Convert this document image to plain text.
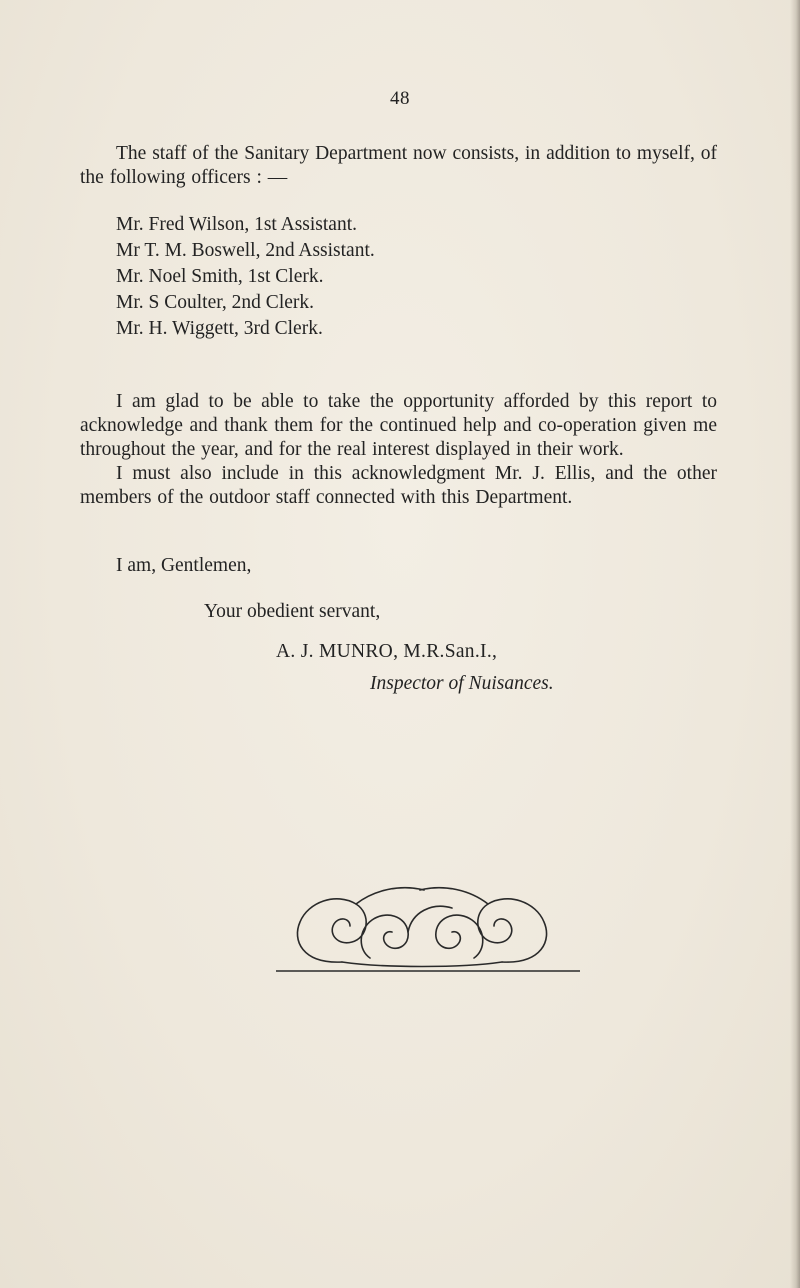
48
The staff of the Sanitary Department now consists, in addition to myself, of the following officers : —
Mr. Fred Wilson, 1st Assistant.
Mr T. M. Boswell, 2nd Assistant.
Mr. Noel Smith, 1st Clerk.
Mr. S Coulter, 2nd Clerk.
Mr. H. Wiggett, 3rd Clerk.
I am glad to be able to take the opportunity afforded by this report to acknowledge and thank them for the continued help and co-operation given me throughout the year, and for the real interest displayed in their work.
I must also include in this acknowledgment Mr. J. Ellis, and the other members of the outdoor staff connected with this Department.
I am, Gentlemen,
Your obedient servant,
A. J. MUNRO, M.R.San.I.,
Inspector of Nuisances.
